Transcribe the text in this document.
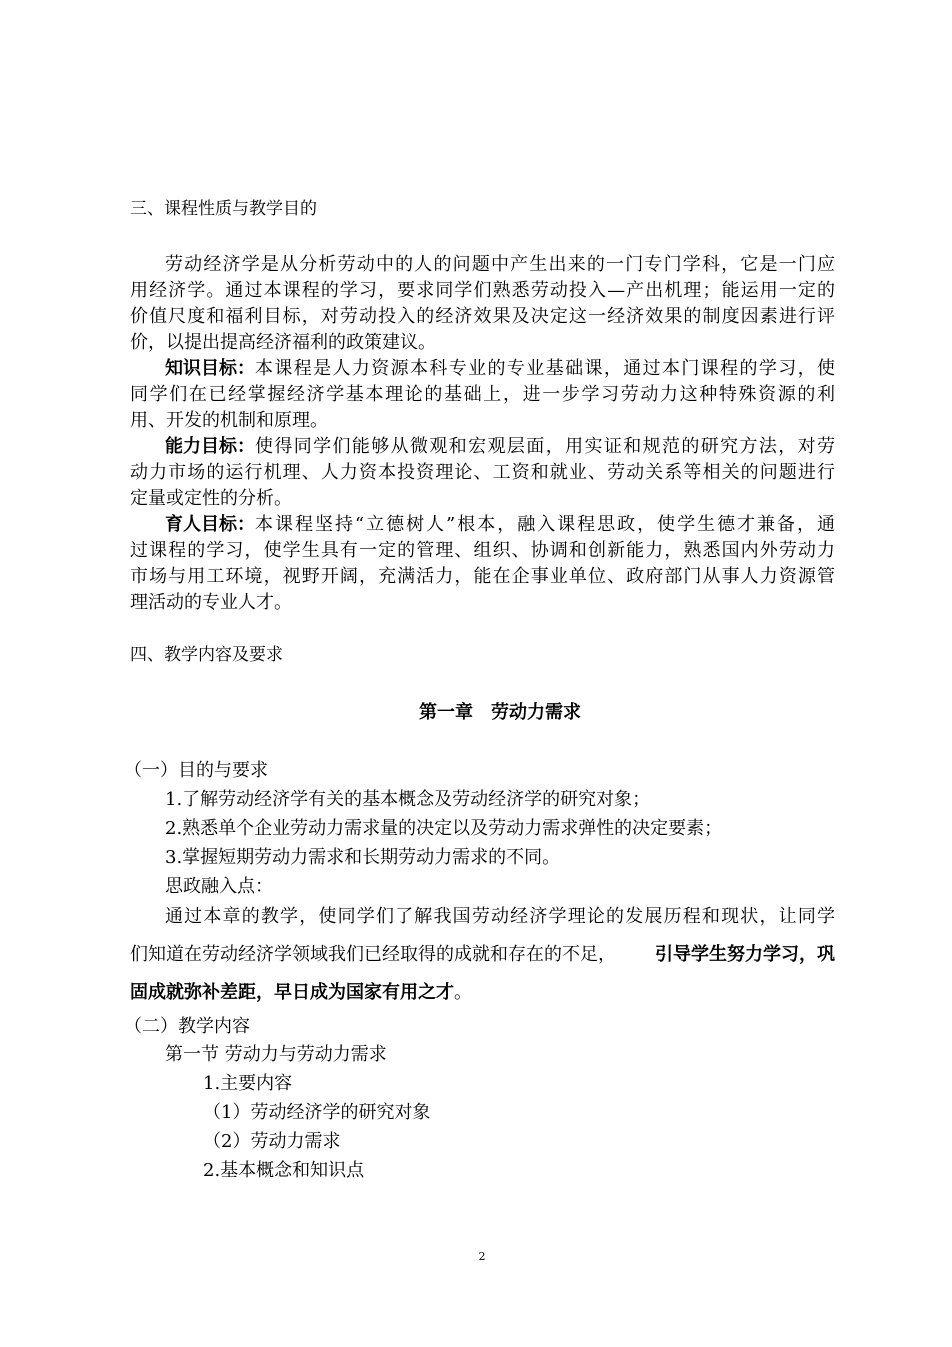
三、课程性质与教学目的
劳动经济学是从分析劳动中的人的问题中产生出来的一门专门学科，它是一门应
用经济学。通过本课程的学习，要求同学们熟悉劳动投入—产出机理；能运用一定的
价值尺度和福利目标，对劳动投入的经济效果及决定这一经济效果的制度因素进行评
价，以提出提高经济福利的政策建议。
知识目标： 本课程是人力资源本科专业的专业基础课，通过本门课程的学习，使
同学们在已经掌握经济学基本理论的基础上，进一步学习劳动力这种特殊资源的利
用、开发的机制和原理。
能力目标： 使得同学们能够从微观和宏观层面，用实证和规范的研究方法，对劳
动力市场的运行机理、人力资本投资理论、工资和就业、劳动关系等相关的问题进行
定量或定性的分析。
育人目标： 本课程坚持“立德树人”根本，融入课程思政，使学生德才兼备，通
过课程的学习，使学生具有一定的管理、组织、协调和创新能力，熟悉国内外劳动力
市场与用工环境，视野开阔，充满活力，能在企事业单位、政府部门从事人力资源管
理活动的专业人才。
四、教学内容及要求
第一章　劳动力需求
（一）目的与要求
1.了解劳动经济学有关的基本概念及劳动经济学的研究对象；
2.熟悉单个企业劳动力需求量的决定以及劳动力需求弹性的决定要素；
3.掌握短期劳动力需求和长期劳动力需求的不同。
思政融入点：
通过本章的教学，使同学们了解我国劳动经济学理论的发展历程和现状，让同学
们知道在劳动经济学领域我们已经取得的成就和存在的不足， 引导学生努力学习，巩
固成就弥补差距，早日成为国家有用之才。
（二）教学内容
第一节 劳动力与劳动力需求
1.主要内容
（1）劳动经济学的研究对象
（2）劳动力需求
2.基本概念和知识点
2
